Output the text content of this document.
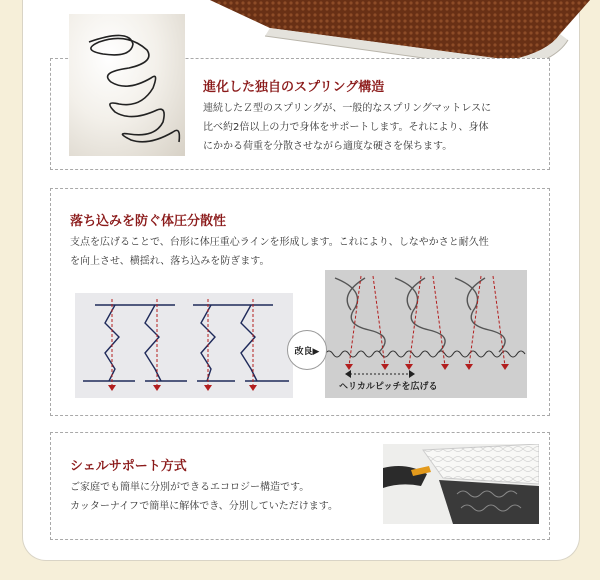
進化した独自のスプリング構造
連続したＺ型のスプリングが、一般的なスプリングマットレスに
比べ約2倍以上の力で身体をサポートします。それにより、身体
にかかる荷重を分散させながら適度な硬さを保ちます。
落ち込みを防ぐ体圧分散性
支点を広げることで、台形に体圧重心ラインを形成します。これにより、しなやかさと耐久性
を向上させ、横揺れ、落ち込みを防ぎます。
ヘリカルピッチを広げる
改良▶
シェルサポート方式
ご家庭でも簡単に分別ができるエコロジー構造です。
カッターナイフで簡単に解体でき、分別していただけます。
